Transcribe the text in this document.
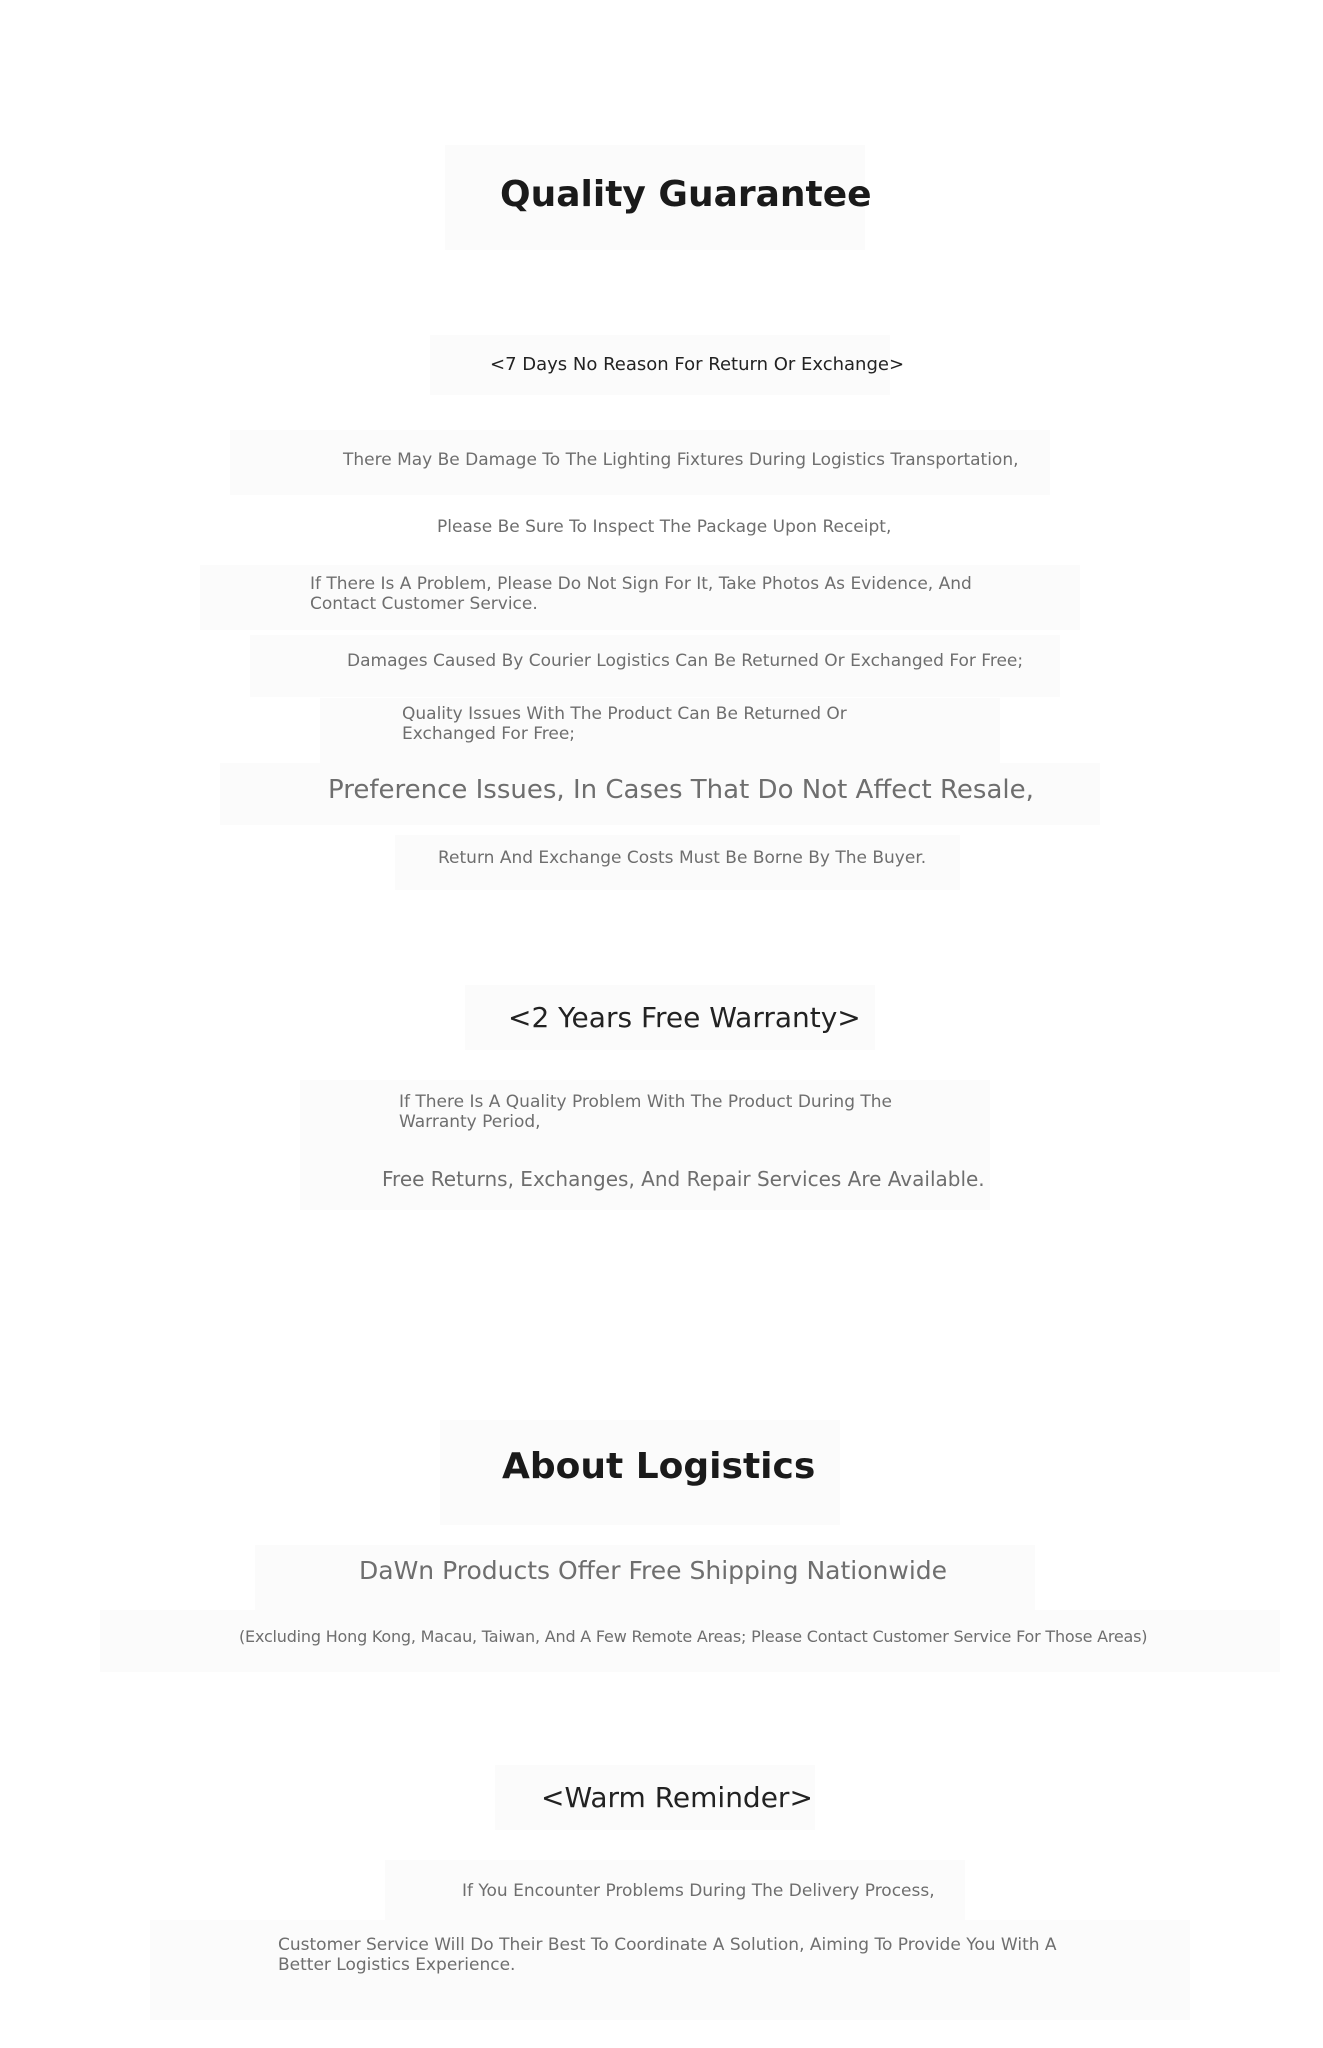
Quality Guarantee
<7 Days No Reason For Return Or Exchange>
There May Be Damage To The Lighting Fixtures During Logistics Transportation,
Please Be Sure To Inspect The Package Upon Receipt,
If There Is A Problem, Please Do Not Sign For It, Take Photos As Evidence, And Contact Customer Service.
Damages Caused By Courier Logistics Can Be Returned Or Exchanged For Free;
Quality Issues With The Product Can Be Returned Or Exchanged For Free;
Preference Issues, In Cases That Do Not Affect Resale,
Return And Exchange Costs Must Be Borne By The Buyer.
<2 Years Free Warranty>
If There Is A Quality Problem With The Product During The Warranty Period,
Free Returns, Exchanges, And Repair Services Are Available.
About Logistics
DaWn Products Offer Free Shipping Nationwide
(Excluding Hong Kong, Macau, Taiwan, And A Few Remote Areas; Please Contact Customer Service For Those Areas)
<Warm Reminder>
If You Encounter Problems During The Delivery Process,
Customer Service Will Do Their Best To Coordinate A Solution, Aiming To Provide You With A Better Logistics Experience.
